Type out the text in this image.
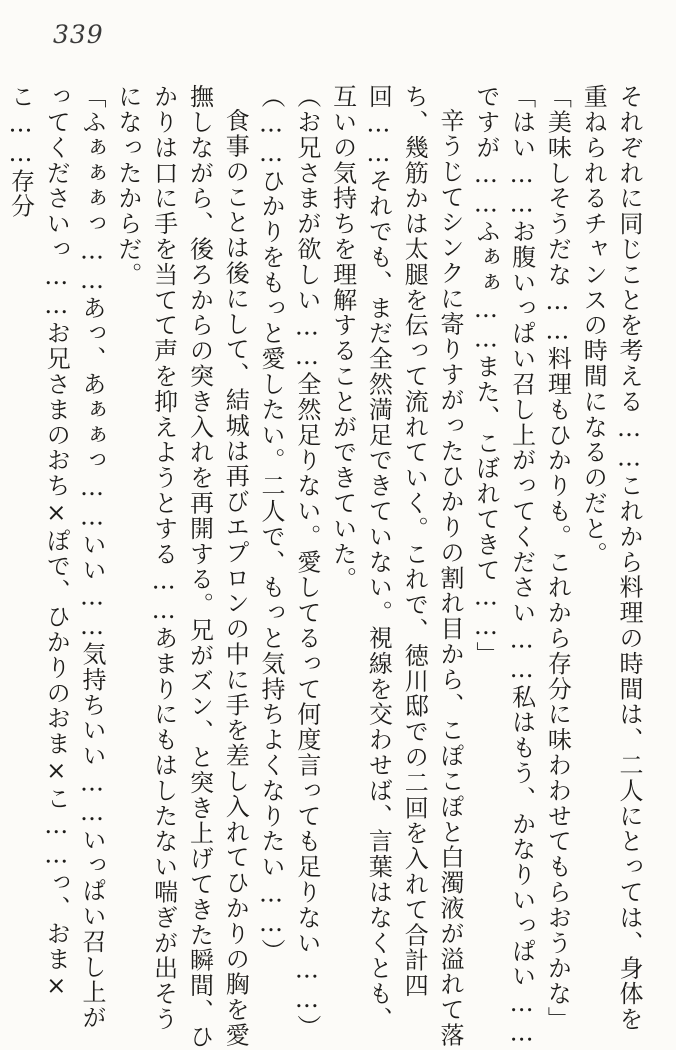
339

それぞれに同じことを考える……これから料理の時間は、二人にとっては、身体を重ねられるチャンスの時間になるのだと。

「美味しそうだな……料理もひかりも。これから存分に味わわせてもらおうかな」

「はい……お腹いっぱい召し上がってください……私はもう、かなりいっぱい……ですが……ふぁぁ……また、こぼれてきて……」

辛うじてシンクに寄りすがったひかりの割れ目から、こぽこぽと白濁液が溢れて落ち、幾筋かは太腿を伝って流れていく。これで、徳川邸での二回を入れて合計四回……それでも、まだ全然満足できていない。視線を交わせば、言葉はなくとも、互いの気持ちを理解することができていた。

（お兄さまが欲しい……全然足りない。愛してるって何度言っても足りない……）

（……ひかりをもっと愛したい。二人で、もっと気持ちよくなりたい……）

食事のことは後にして、結城は再びエプロンの中に手を差し入れてひかりの胸を愛撫しながら、後ろからの突き入れを再開する。兄がズン、と突き上げてきた瞬間、ひかりは口に手を当てて声を抑えようとする……あまりにもはしたない喘ぎが出そうになったからだ。

「ふぁぁぁっ……あっ、あぁぁっ……いい……気持ちいい……いっぱい召し上がってくださいっ……お兄さまのおち×ぽで、ひかりのおま×こ……っ、おま×こ……存分
